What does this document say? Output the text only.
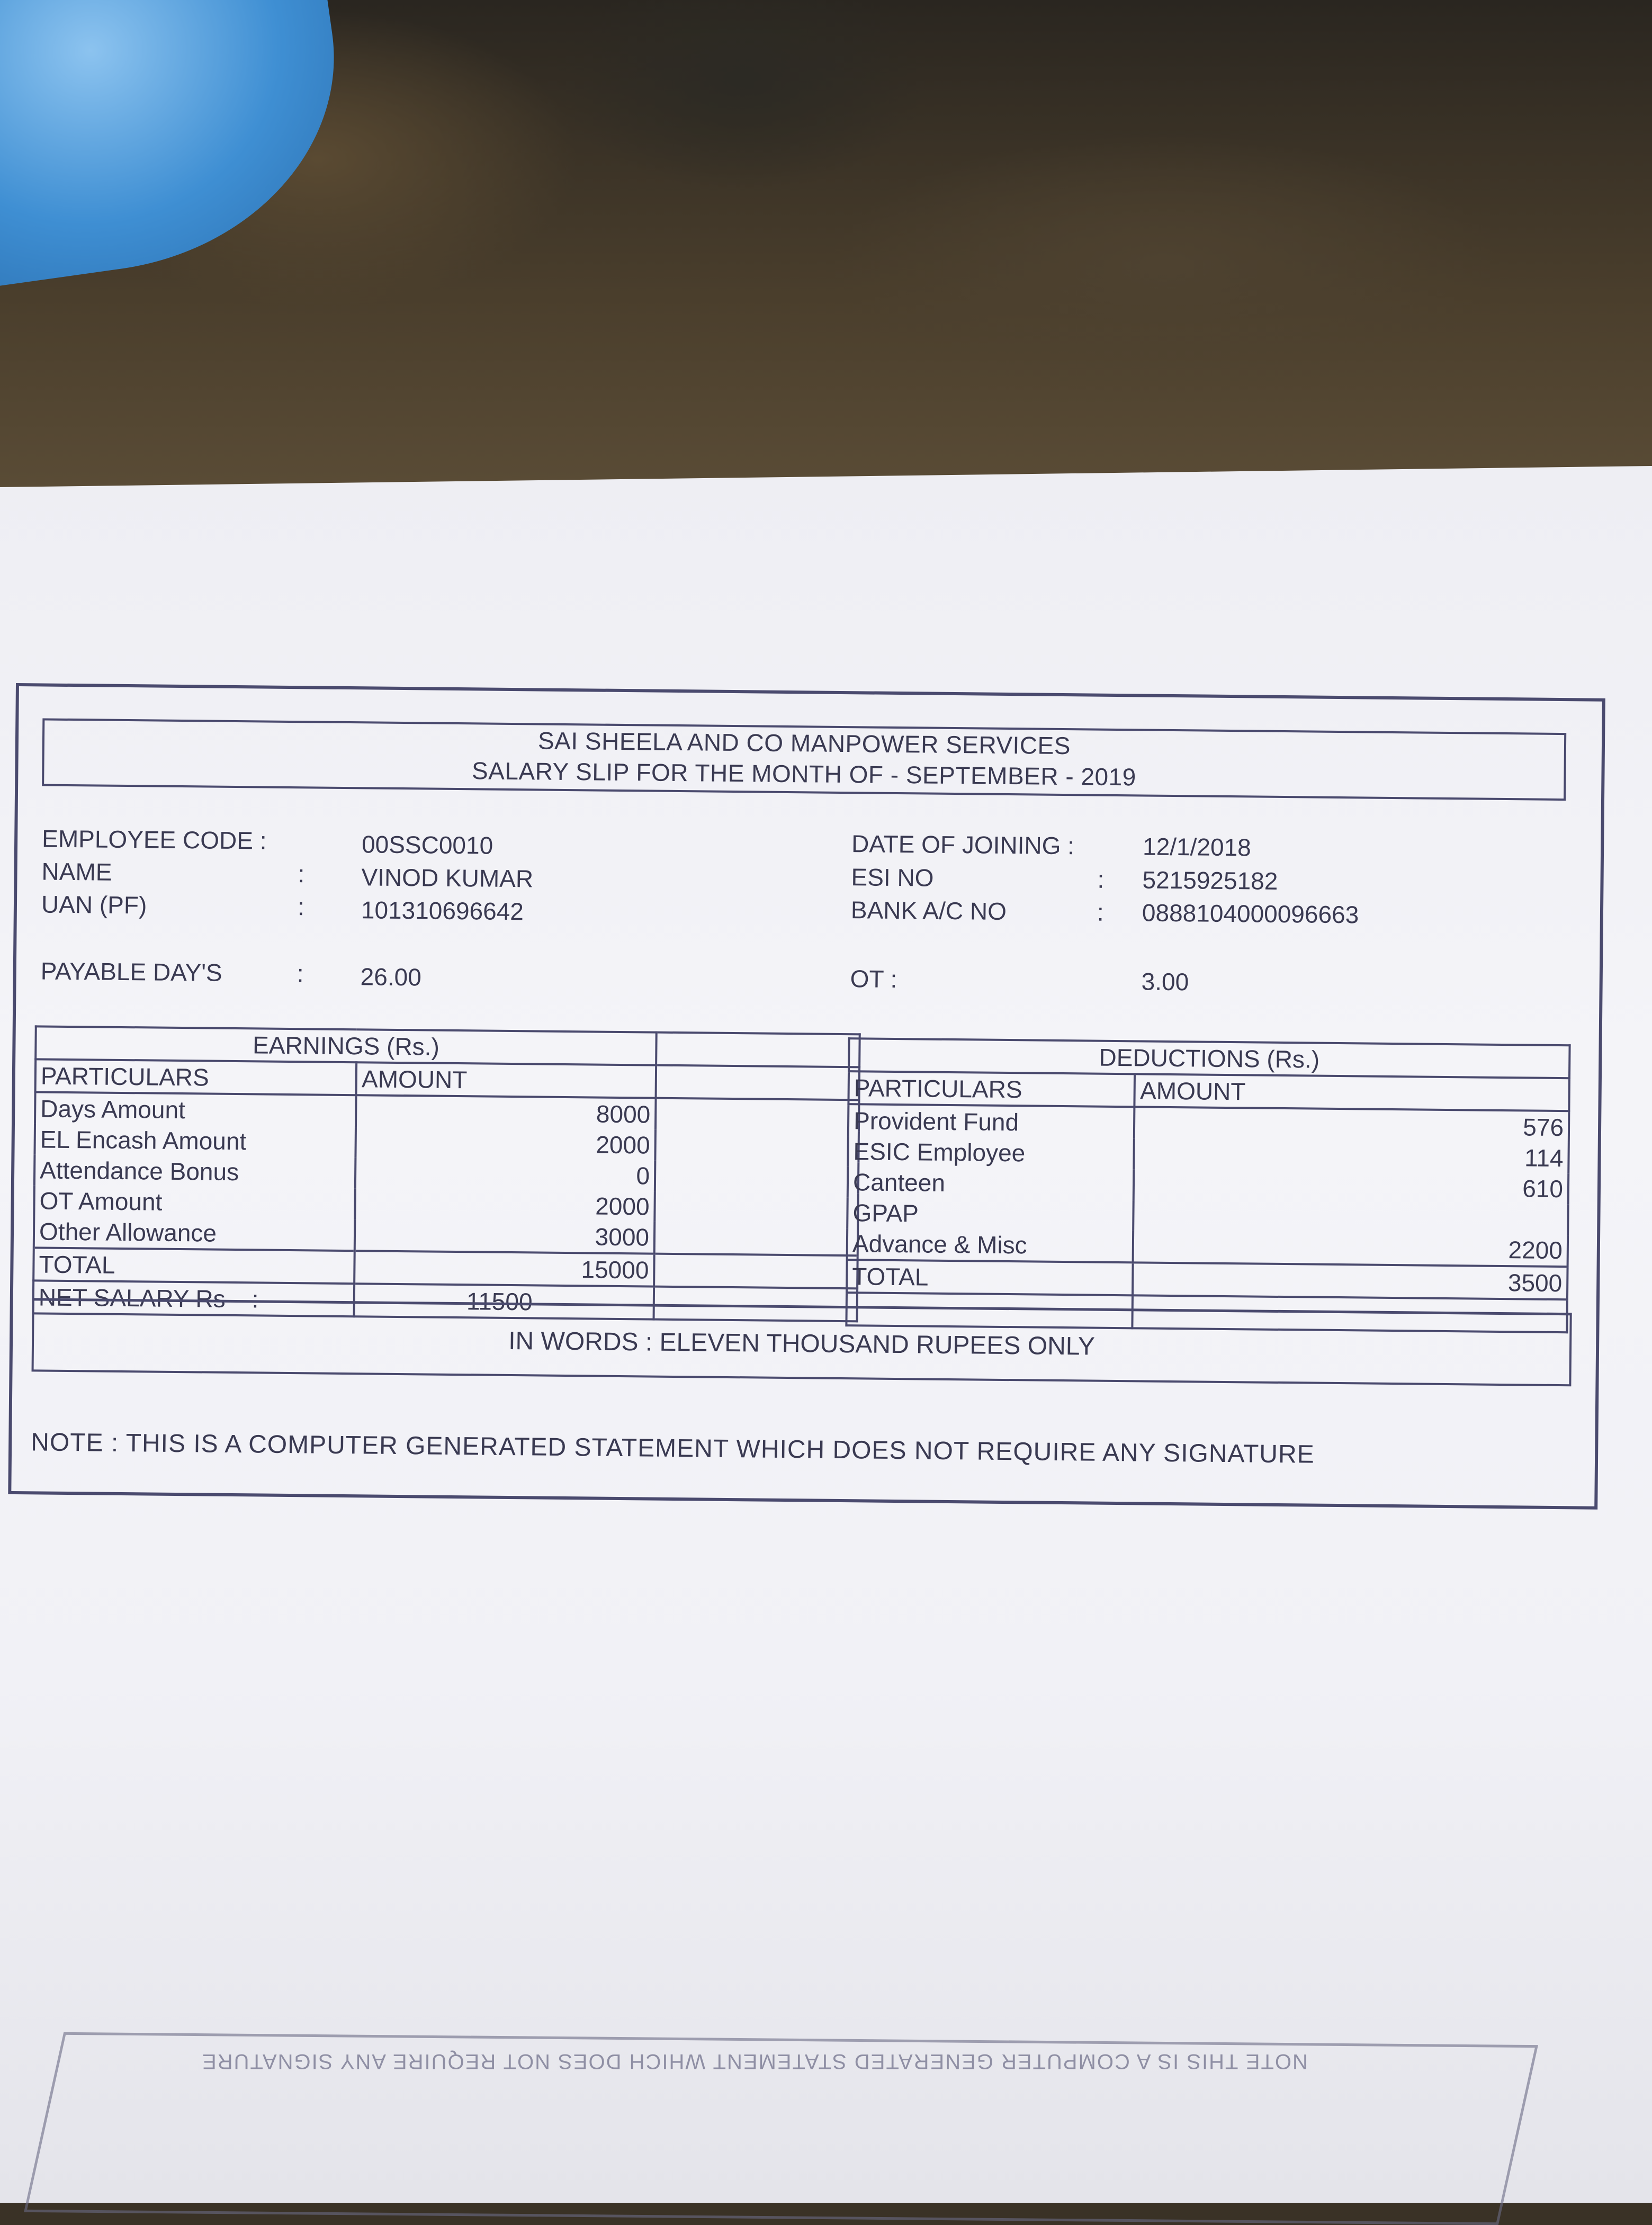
SAI SHEELA AND CO MANPOWER SERVICES
SALARY SLIP FOR THE MONTH OF - SEPTEMBER - 2019
EMPLOYEE CODE :	00SSC0010
NAME	: VINOD KUMAR
UAN (PF)	: 101310696642
PAYABLE DAY'S	: 26.00
DATE OF JOINING :	12/1/2018
ESI NO	: 5215925182
BANK A/C NO	: 0888104000096663
OT :	3.00
EARNINGS (Rs.)		
PARTICULARS	AMOUNT	
Days Amount	8000	
EL Encash Amount	2000	
Attendance Bonus	0	
OT Amount	2000	
Other Allowance	3000	
TOTAL	15000	
NET SALARY Rs :	11500	
DEDUCTIONS (Rs.)	
PARTICULARS	AMOUNT
Provident Fund	576
ESIC Employee	114
Canteen	610
GPAP	
Advance & Misc	2200
TOTAL	3500

IN WORDS : ELEVEN THOUSAND RUPEES ONLY
NOTE : THIS IS A COMPUTER GENERATED STATEMENT WHICH DOES NOT REQUIRE ANY SIGNATURE
NOTE THIS IS A COMPUTER GENERATED STATEMENT WHICH DOES NOT REQUIRE ANY SIGNATURE
